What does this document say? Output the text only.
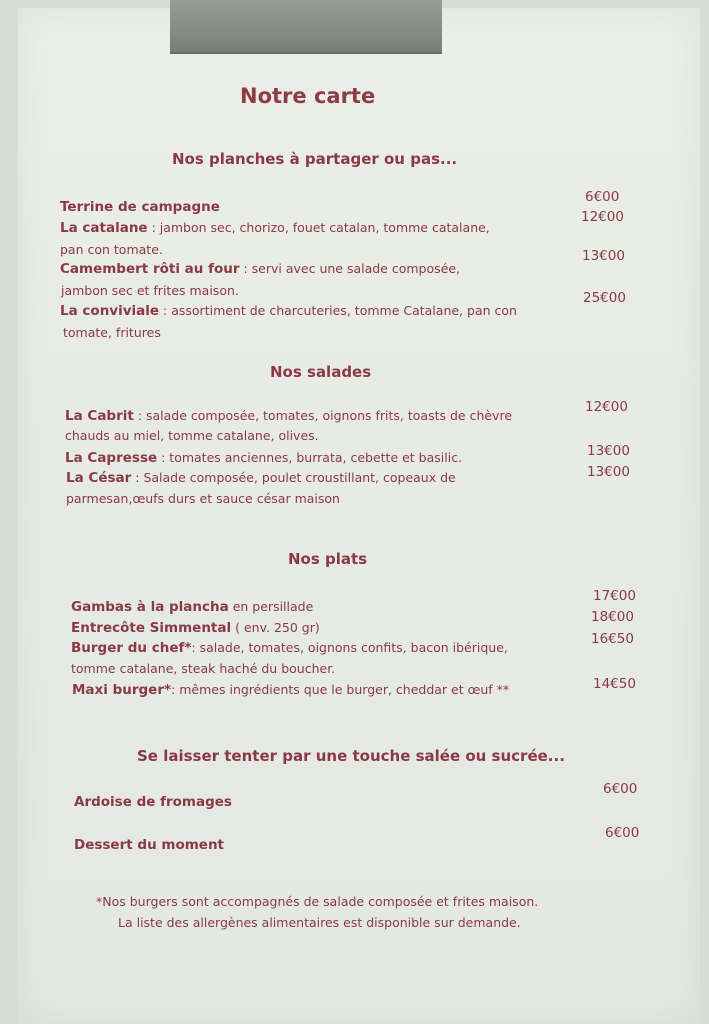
Notre carte
Nos planches à partager ou pas...
Terrine de campagne
6€00
La catalane : jambon sec, chorizo, fouet catalan, tomme catalane,
pan con tomate.
12€00
Camembert rôti au four : servi avec une salade composée,
jambon sec et frites maison.
13€00
La conviviale : assortiment de charcuteries, tomme Catalane, pan con
tomate, fritures
25€00
Nos salades
La Cabrit : salade composée, tomates, oignons frits, toasts de chèvre
chauds au miel, tomme catalane, olives.
12€00
La Capresse : tomates anciennes, burrata, cebette et basilic.	13€00
La César : Salade composée, poulet croustillant, copeaux de
parmesan,œufs durs et sauce césar maison
13€00
Nos plats
Gambas à la plancha en persillade
17€00
Entrecôte Simmental ( env. 250 gr)
18€00
Burger du chef*: salade, tomates, oignons confits, bacon ibérique,
tomme catalane, steak haché du boucher.
16€50
Maxi burger*: mêmes ingrédients que le burger, cheddar et œuf **	14€50
Se laisser tenter par une touche salée ou sucrée...
Ardoise de fromages
6€00
Dessert du moment
6€00
*Nos burgers sont accompagnés de salade composée et frites maison.
La liste des allergènes alimentaires est disponible sur demande.
